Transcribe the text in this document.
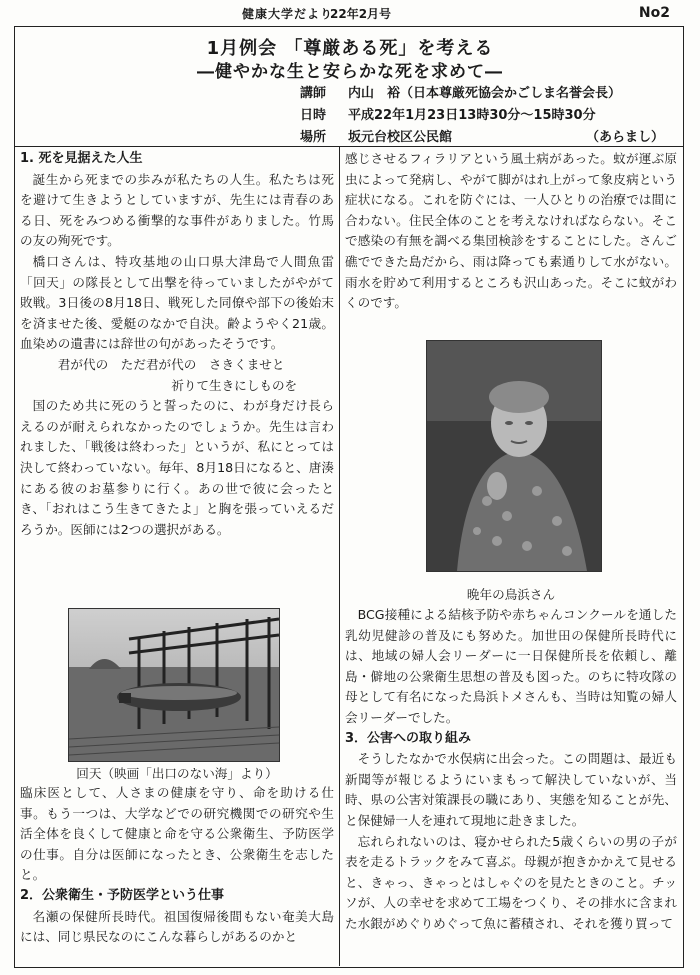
健康大学だより
22年2月号	No2
1月例会 「尊厳ある死」を考える
―健やかな生と安らかな死を求めて―
講師 内山　裕（日本尊厳死協会かごしま名誉会長）
日時 平成22年1月23日13時30分～15時30分
場所 坂元台校区公民館	（あらまし）

1. 死を見据えた人生

誕生から死までの歩みが私たちの人生。私たちは死を避けて生きようとしていますが、先生には青春のある日、死をみつめる衝撃的な事件がありました。竹馬の友の殉死です。

橋口さんは、特攻基地の山口県大津島で人間魚雷「回天」の隊長として出撃を待っていましたがやがて敗戦。3日後の8月18日、戦死した同僚や部下の後始末を済ませた後、愛艇のなかで自決。齢ようやく21歳。血染めの遺書には辞世の句があったそうです。

君が代の　ただ君が代の　さきくませと

祈りて生きにしものを

国のため共に死のうと誓ったのに、わが身だけ長らえるのが耐えられなかったのでしょうか。先生は言われました、「戦後は終わった」というが、私にとっては決して終わっていない。毎年、8月18日になると、唐湊にある彼のお墓参りに行く。あの世で彼に会ったとき、「おれはこう生きてきたよ」と胸を張っていえるだろうか。医師には2つの選択がある。

回天（映画「出口のない海」より）

臨床医として、人さまの健康を守り、命を助ける仕事。もう一つは、大学などでの研究機関での研究や生活全体を良くして健康と命を守る公衆衛生、予防医学の仕事。自分は医師になったとき、公衆衛生を志したと。

2．公衆衛生・予防医学という仕事

名瀬の保健所長時代。祖国復帰後間もない奄美大島には、同じ県民なのにこんな暮らしがあるのかと

感じさせるフィラリアという風土病があった。蚊が運ぶ原虫によって発病し、やがて脚がはれ上がって象皮病という症状になる。これを防ぐには、一人ひとりの治療では間に合わない。住民全体のことを考えなければならない。そこで感染の有無を調べる集団検診をすることにした。さんご礁でできた島だから、雨は降っても素通りして水がない。雨水を貯めて利用するところも沢山あった。そこに蚊がわくのです。

晩年の鳥浜さん

BCG接種による結核予防や赤ちゃんコンクールを通した乳幼児健診の普及にも努めた。加世田の保健所長時代には、地域の婦人会リーダーに一日保健所長を依頼し、離島・僻地の公衆衛生思想の普及も図った。のちに特攻隊の母として有名になった鳥浜トメさんも、当時は知覧の婦人会リーダーでした。

3．公害への取り組み

そうしたなかで水俣病に出会った。この問題は、最近も新聞等が報じるようにいまもって解決していないが、当時、県の公害対策課長の職にあり、実態を知ることが先、と保健婦一人を連れて現地に赴きました。

忘れられないのは、寝かせられた5歳くらいの男の子が表を走るトラックをみて喜ぶ。母親が抱きかかえて見せると、きゃっ、きゃっとはしゃぐのを見たときのこと。チッソが、人の幸せを求めて工場をつくり、その排水に含まれた水銀がめぐりめぐって魚に蓄積され、それを獲り買って
